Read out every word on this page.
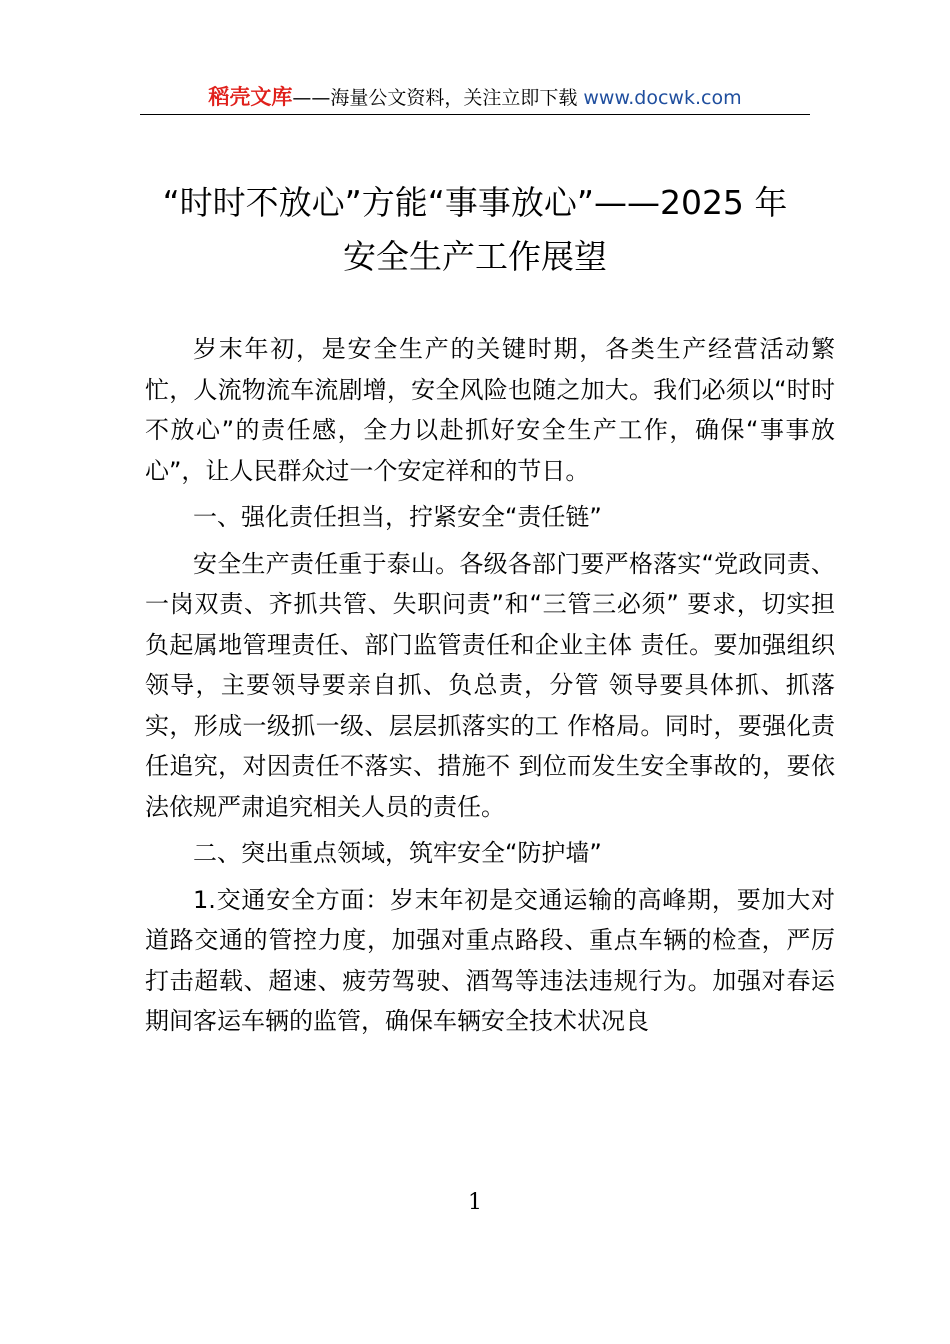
稻壳文库——海量公文资料，关注立即下载 www.docwk.com
“时时不放心”方能“事事放心”——2025 年
安全生产工作展望

岁末年初，是安全生产的关键时期，各类生产经营活动繁忙，人流物流车流剧增，安全风险也随之加大。我们必须以“时时不放心”的责任感，全力以赴抓好安全生产工作，确保“事事放心”，让人民群众过一个安定祥和的节日。

一、强化责任担当，拧紧安全“责任链”

安全生产责任重于泰山。各级各部门要严格落实“党政同责、一岗双责、齐抓共管、失职问责”和“三管三必须” 要求，切实担负起属地管理责任、部门监管责任和企业主体 责任。要加强组织领导，主要领导要亲自抓、负总责，分管 领导要具体抓、抓落实，形成一级抓一级、层层抓落实的工 作格局。同时，要强化责任追究，对因责任不落实、措施不 到位而发生安全事故的，要依法依规严肃追究相关人员的责任。

二、突出重点领域，筑牢安全“防护墙”

1.交通安全方面：岁末年初是交通运输的高峰期，要加大对道路交通的管控力度，加强对重点路段、重点车辆的检查，严厉打击超载、超速、疲劳驾驶、酒驾等违法违规行为。加强对春运期间客运车辆的监管，确保车辆安全技术状况良

1
